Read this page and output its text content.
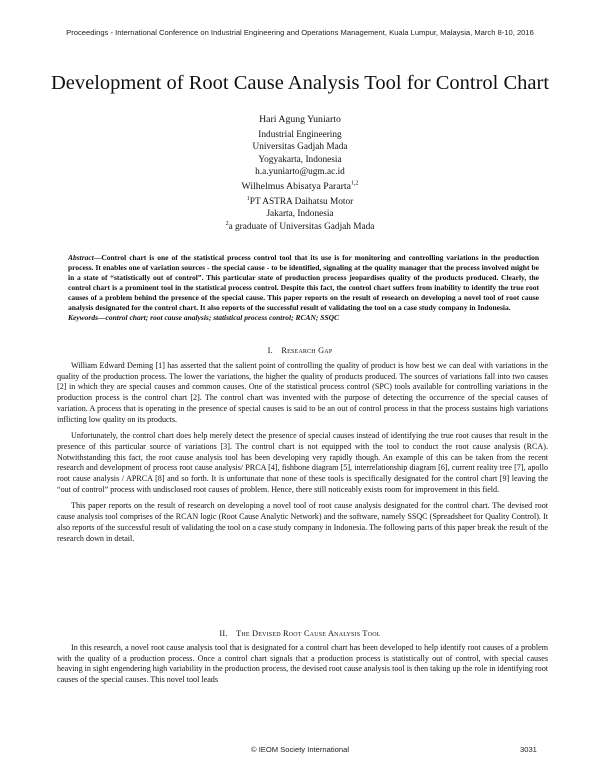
Proceedings - International Conference on Industrial Engineering and Operations Management, Kuala Lumpur, Malaysia, March 8-10, 2016
Development of Root Cause Analysis Tool for Control Chart
Hari Agung Yuniarto
Industrial Engineering
Universitas Gadjah Mada
Yogyakarta, Indonesia
h.a.yuniarto@ugm.ac.id
Wilhelmus Abisatya Pararta$^{1,2}$
$^1$PT ASTRA Daihatsu Motor
Jakarta, Indonesia
$^2$a graduate of Universitas Gadjah Mada
Abstract—Control chart is one of the statistical process control tool that its use is for monitoring and controlling variations in the production process. It enables one of variation sources - the special cause - to be identified, signaling at the quality manager that the process involved might be in a state of “statistically out of control”. This particular state of production process jeopardises quality of the products produced. Clearly, the control chart is a prominent tool in the statistical process control. Despite this fact, the control chart suffers from inability to identify the true root causes of a problem behind the presence of the special cause. This paper reports on the result of research on developing a novel tool of root cause analysis designated for the control chart. It also reports of the successful result of validating the tool on a case study company in Indonesia.
Keywords—control chart; root cause analysis; statistical process control; RCAN; SSQC
I. Research Gap

William Edward Deming [1] has asserted that the salient point of controlling the quality of product is how best we can deal with variations in the quality of the production process. The lower the variations, the higher the quality of products produced. The sources of variations fall into two causes [2] in which they are special causes and common causes. One of the statistical process control (SPC) tools available for controlling variations in the production process is the control chart [2]. The control chart was invented with the purpose of detecting the occurrence of the special causes of variation. A process that is operating in the presence of special causes is said to be an out of control process in that the process sustains high variations inflicting low quality on its products.

Unfortunately, the control chart does help merely detect the presence of special causes instead of identifying the true root causes that result in the presence of this particular source of variations [3]. The control chart is not equipped with the tool to conduct the root cause analysis (RCA). Notwithstanding this fact, the root cause analysis tool has been developing very rapidly though. An example of this can be taken from the recent research and development of process root cause analysis/ PRCA [4], fishbone diagram [5], interrelationship diagram [6], current reality tree [7], apollo root cause analysis / APRCA [8] and so forth. It is unfortunate that none of these tools is specifically designated for the control chart [9] leaving the “out of control” process with undisclosed root causes of problem. Hence, there still noticeably exists room for improvement in this field.

This paper reports on the result of research on developing a novel tool of root cause analysis designated for the control chart. The devised root cause analysis tool comprises of the RCAN logic (Root Cause Analytic Network) and the software, namely SSQC (Spreadsheet for Quality Control). It also reports of the successful result of validating the tool on a case study company in Indonesia. The following parts of this paper break the result of the research down in detail.

II. The Devised Root Cause Analysis Tool

In this research, a novel root cause analysis tool that is designated for a control chart has been developed to help identify root causes of a problem with the quality of a production process. Once a control chart signals that a production process is statistically out of control, with special causes heaving in sight engendering high variability in the production process, the devised root cause analysis tool is then taking up the role in identifying root causes of the special causes. This novel tool leads

© IEOM Society International	3031
